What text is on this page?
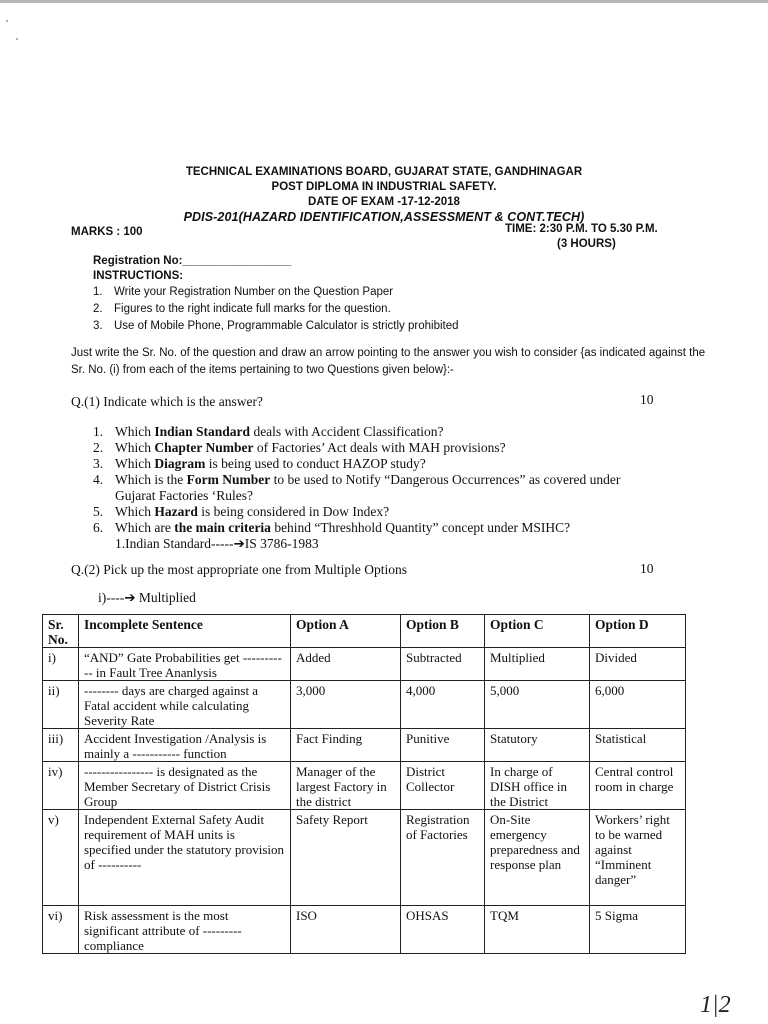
TECHNICAL EXAMINATIONS BOARD, GUJARAT STATE, GANDHINAGAR
POST DIPLOMA IN INDUSTRIAL SAFETY.
DATE OF EXAM -17-12-2018
PDIS-201(HAZARD IDENTIFICATION,ASSESSMENT & CONT.TECH)
MARKS : 100	TIME: 2:30 P.M. TO 5.30 P.M.
(3 HOURS)
Registration No:_________________
INSTRUCTIONS:
1. Write your Registration Number on the Question Paper
2. Figures to the right indicate full marks for the question.
3. Use of Mobile Phone, Programmable Calculator is strictly prohibited
Just write the Sr. No. of the question and draw an arrow pointing to the answer you wish to consider {as indicated against the Sr. No. (i) from each of the items pertaining to two Questions given below}:-
Q.(1) Indicate which is the answer?	10
1. Which Indian Standard deals with Accident Classification?
2. Which Chapter Number of Factories’ Act deals with MAH provisions?
3. Which Diagram is being used to conduct HAZOP study?
4. Which is the Form Number to be used to Notify “Dangerous Occurrences” as covered under
Gujarat Factories ‘Rules?
5. Which Hazard is being considered in Dow Index?
6. Which are the main criteria behind “Threshhold Quantity” concept under MSIHC?
1.Indian Standard-----➔IS 3786-1983
Q.(2) Pick up the most appropriate one from Multiple Options	10
i)----➔ Multiplied
Sr. No.	Incomplete Sentence	Option A	Option B	Option C	Option D
i)	“AND” Gate Probabilities get ----------- in Fault Tree Ananlysis	Added	Subtracted	Multiplied	Divided
ii)	-------- days are charged against a Fatal accident while calculating Severity Rate	3,000	4,000	5,000	6,000
iii)	Accident Investigation /Analysis is mainly a ----------- function	Fact Finding	Punitive	Statutory	Statistical
iv)	---------------- is designated as the Member Secretary of District Crisis Group	Manager of the largest Factory in the district	District Collector	In charge of DISH office in the District	Central control room in charge
v)	Independent External Safety Audit requirement of MAH units is specified under the statutory provision of ----------	Safety Report	Registration of Factories	On-Site emergency preparedness and response plan	Workers’ right to be warned against “Imminent danger”
vi)	Risk assessment is the most significant attribute of --------- compliance	ISO	OHSAS	TQM	5 Sigma
1|2
